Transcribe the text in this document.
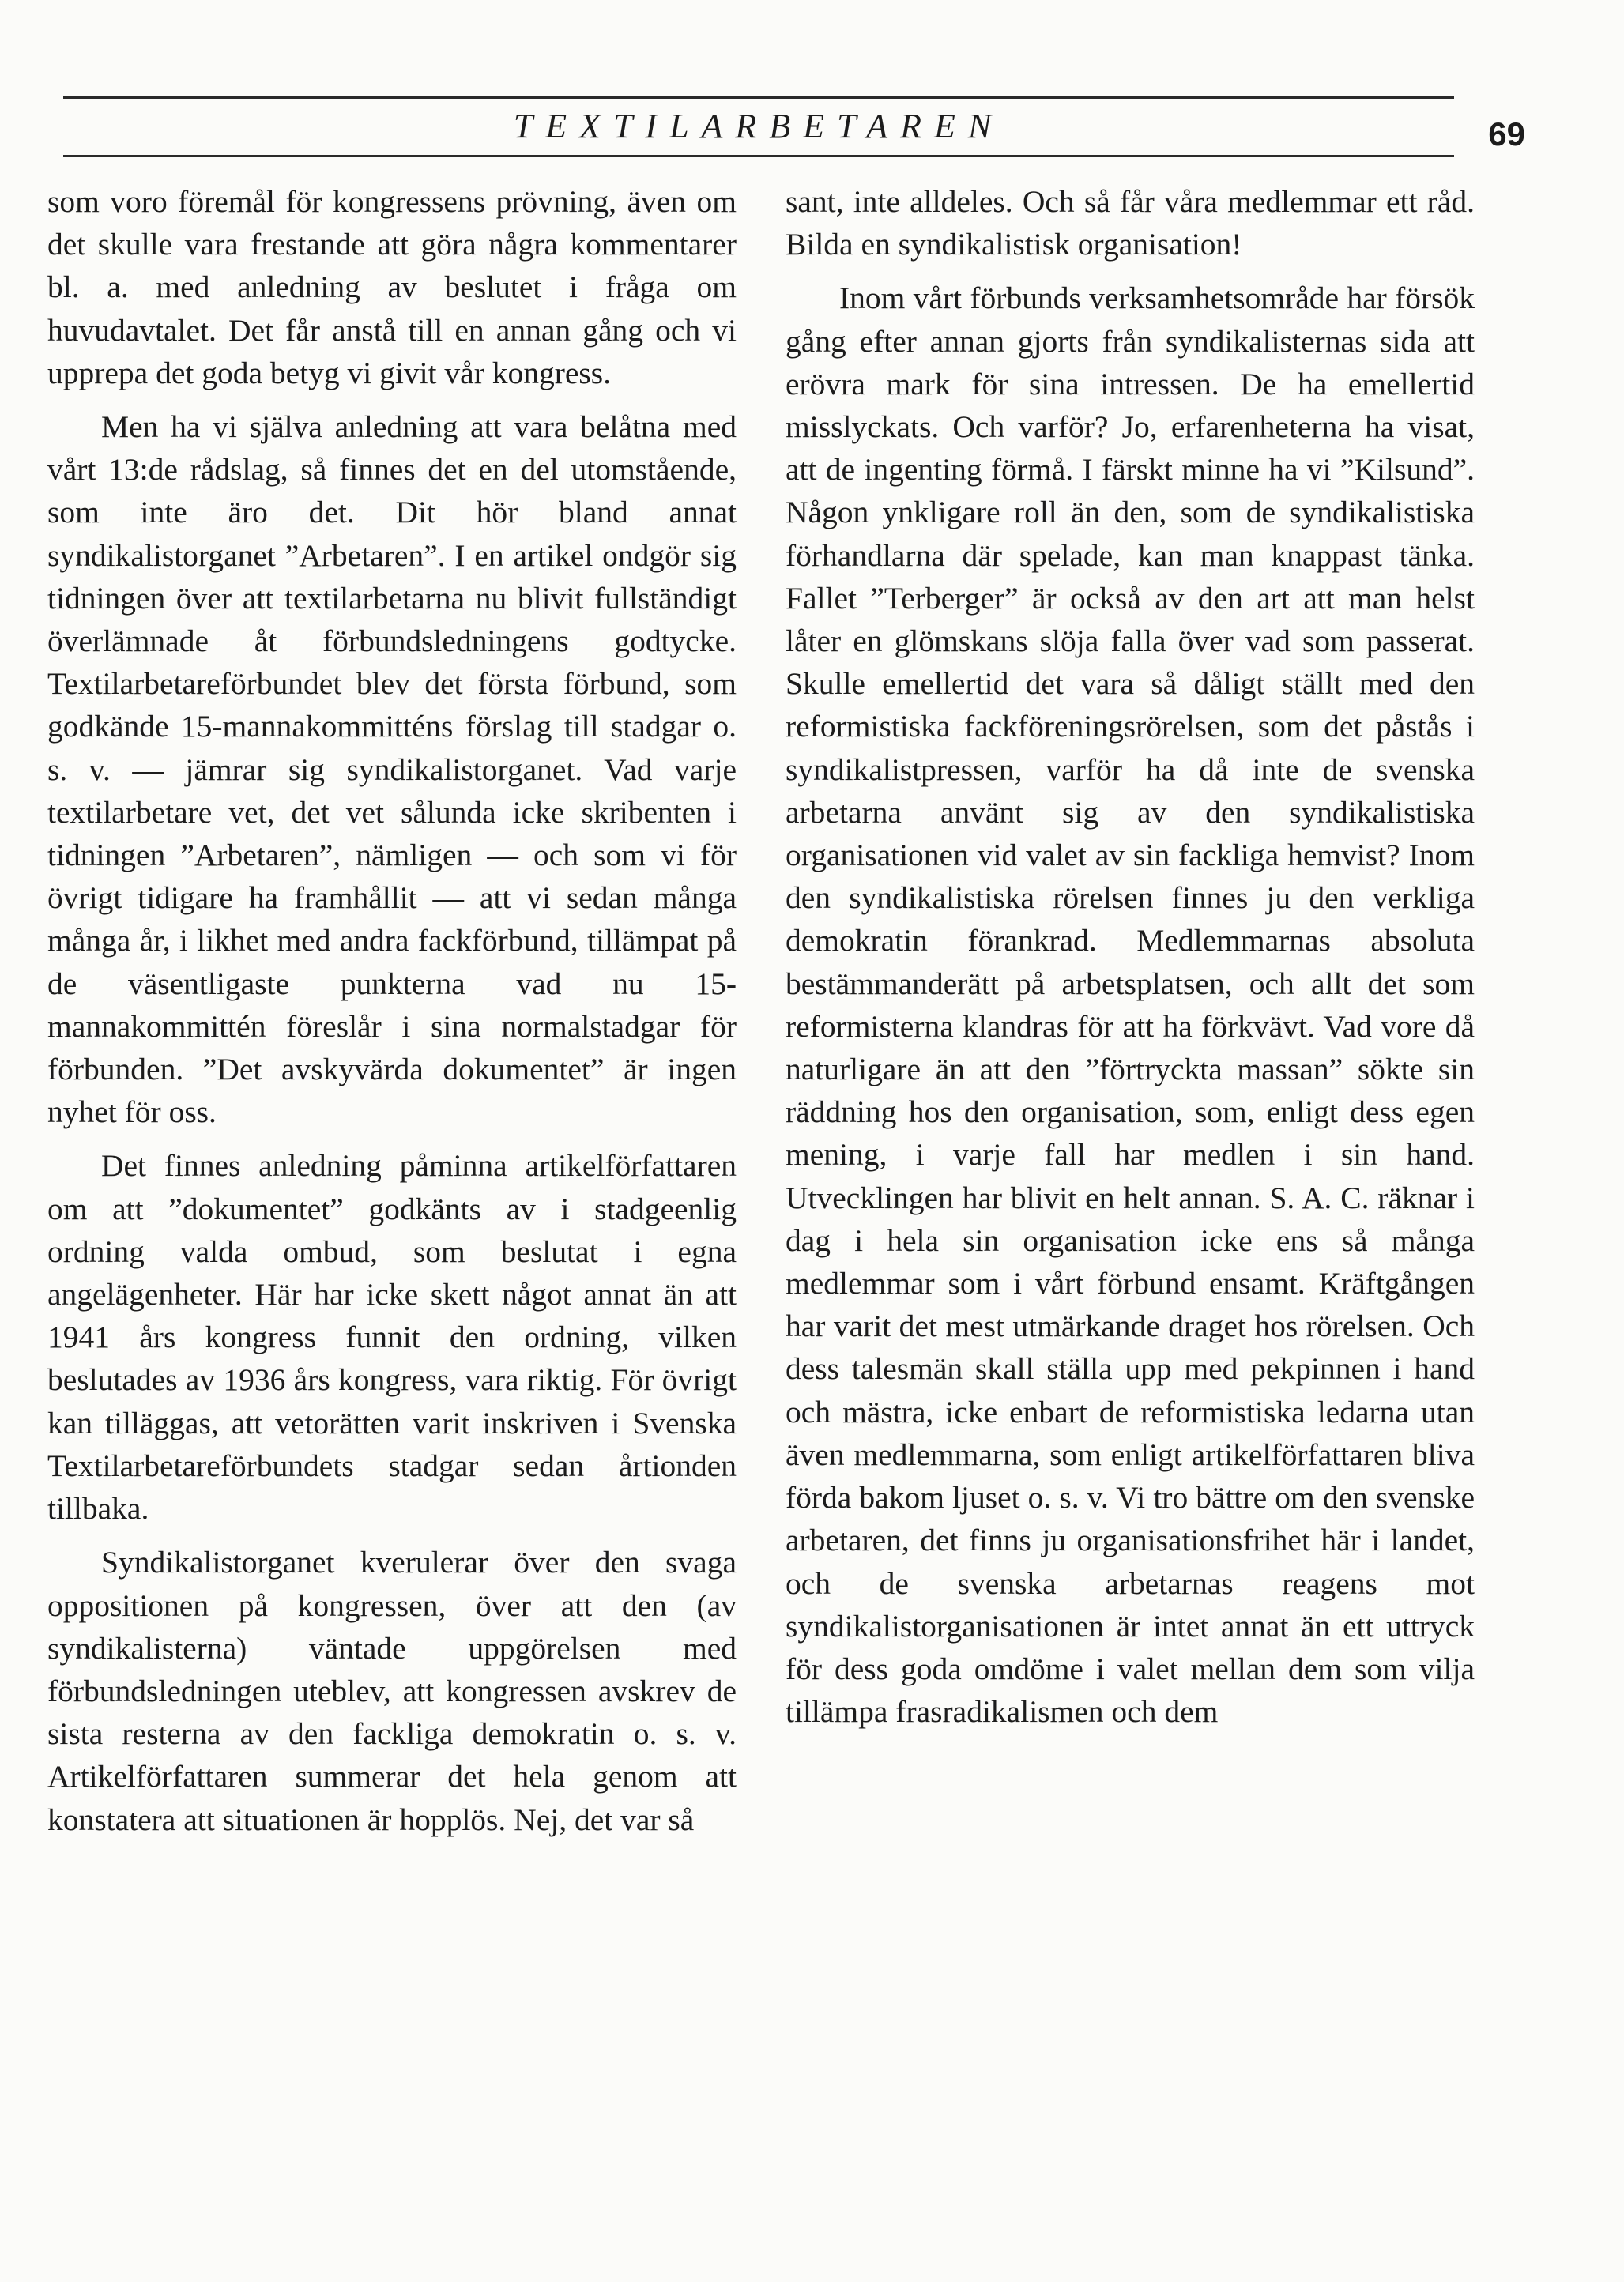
TEXTILARBETAREN	69

som voro föremål för kongressens prövning, även om det skulle vara frestande att göra några kommentarer bl. a. med anledning av beslutet i fråga om huvudavtalet. Det får anstå till en annan gång och vi upprepa det goda betyg vi givit vår kongress.

Men ha vi själva anledning att vara belåtna med vårt 13:de rådslag, så finnes det en del utomstående, som inte äro det. Dit hör bland annat syndikalistorganet ”Arbetaren”. I en artikel ondgör sig tidningen över att textilarbetarna nu blivit fullständigt överlämnade åt förbundsledningens godtycke. Textilarbetareförbundet blev det första förbund, som godkände 15-mannakommitténs förslag till stadgar o. s. v. — jämrar sig syndikalistorganet. Vad varje textilarbetare vet, det vet sålunda icke skribenten i tidningen ”Arbetaren”, nämligen — och som vi för övrigt tidigare ha framhållit — att vi sedan många många år, i likhet med andra fackförbund, tillämpat på de väsentligaste punkterna vad nu 15-mannakommittén föreslår i sina normalstadgar för förbunden. ”Det avskyvärda dokumentet” är ingen nyhet för oss.

Det finnes anledning påminna artikelförfattaren om att ”dokumentet” godkänts av i stadgeenlig ordning valda ombud, som beslutat i egna angelägenheter. Här har icke skett något annat än att 1941 års kongress funnit den ordning, vilken beslutades av 1936 års kongress, vara riktig. För övrigt kan tilläggas, att vetorätten varit inskriven i Svenska Textilarbetareförbundets stadgar sedan årtionden tillbaka.

Syndikalistorganet kverulerar över den svaga oppositionen på kongressen, över att den (av syndikalisterna) väntade uppgörelsen med förbundsledningen uteblev, att kongressen avskrev de sista resterna av den fackliga demokratin o. s. v. Artikelförfattaren summerar det hela genom att konstatera att situationen är hopplös. Nej, det var så

sant, inte alldeles. Och så får våra medlemmar ett råd. Bilda en syndikalistisk organisation!

Inom vårt förbunds verksamhetsområde har försök gång efter annan gjorts från syndikalisternas sida att erövra mark för sina intressen. De ha emellertid misslyckats. Och varför? Jo, erfarenheterna ha visat, att de ingenting förmå. I färskt minne ha vi ”Kilsund”. Någon ynkligare roll än den, som de syndikalistiska förhandlarna där spelade, kan man knappast tänka. Fallet ”Terberger” är också av den art att man helst låter en glömskans slöja falla över vad som passerat. Skulle emellertid det vara så dåligt ställt med den reformistiska fackföreningsrörelsen, som det påstås i syndikalistpressen, varför ha då inte de svenska arbetarna använt sig av den syndikalistiska organisationen vid valet av sin fackliga hemvist? Inom den syndikalistiska rörelsen finnes ju den verkliga demokratin förankrad. Medlemmarnas absoluta bestämmanderätt på arbetsplatsen, och allt det som reformisterna klandras för att ha förkvävt. Vad vore då naturligare än att den ”förtryckta massan” sökte sin räddning hos den organisation, som, enligt dess egen mening, i varje fall har medlen i sin hand. Utvecklingen har blivit en helt annan. S. A. C. räknar i dag i hela sin organisation icke ens så många medlemmar som i vårt förbund ensamt. Kräftgången har varit det mest utmärkande draget hos rörelsen. Och dess talesmän skall ställa upp med pekpinnen i hand och mästra, icke enbart de reformistiska ledarna utan även medlemmarna, som enligt artikelförfattaren bliva förda bakom ljuset o. s. v. Vi tro bättre om den svenske arbetaren, det finns ju organisationsfrihet här i landet, och de svenska arbetarnas reagens mot syndikalistorganisationen är intet annat än ett uttryck för dess goda omdöme i valet mellan dem som vilja tillämpa frasradikalismen och dem
